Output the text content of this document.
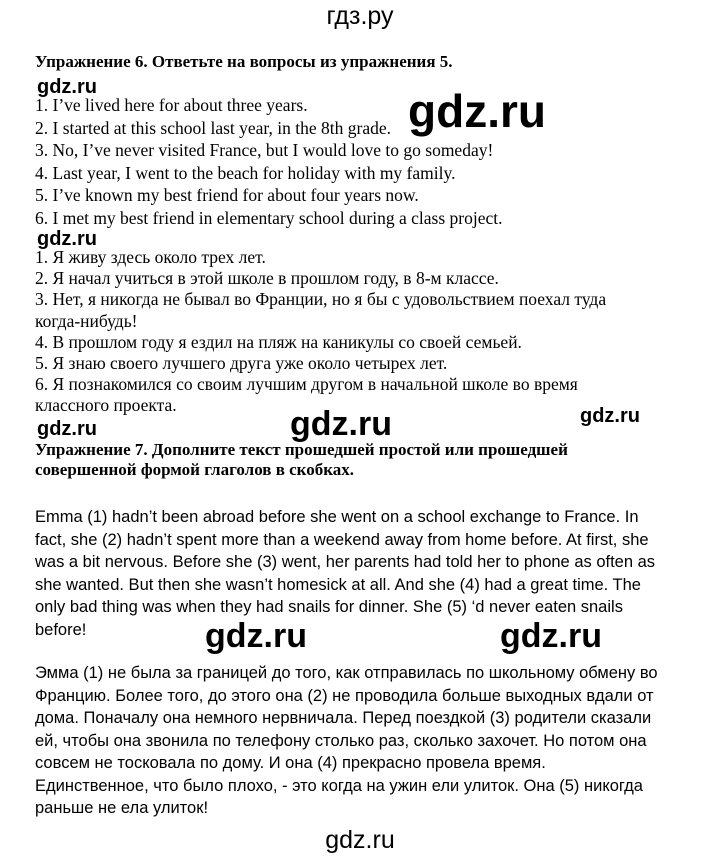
гдз.ру
Упражнение 6. Ответьте на вопросы из упражнения 5.
1. I’ve lived here for about three years.
2. I started at this school last year, in the 8th grade.
3. No, I’ve never visited France, but I would love to go someday!
4. Last year, I went to the beach for holiday with my family.
5. I’ve known my best friend for about four years now.
6. I met my best friend in elementary school during a class project.
1. Я живу здесь около трех лет.
2. Я начал учиться в этой школе в прошлом году, в 8-м классе.
3. Нет, я никогда не бывал во Франции, но я бы с удовольствием поехал туда когда-нибудь!
4. В прошлом году я ездил на пляж на каникулы со своей семьей.
5. Я знаю своего лучшего друга уже около четырех лет.
6. Я познакомился со своим лучшим другом в начальной школе во время классного проекта.
Упражнение 7. Дополните текст прошедшей простой или прошедшей совершенной формой глаголов в скобках.

Emma (1) hadn’t been abroad before she went on a school exchange to France. In fact, she (2) hadn’t spent more than a weekend away from home before. At first, she was a bit nervous. Before she (3) went, her parents had told her to phone as often as she wanted. But then she wasn’t homesick at all. And she (4) had a great time. The only bad thing was when they had snails for dinner. She (5) ‘d never eaten snails before!

Эмма (1) не была за границей до того, как отправилась по школьному обмену во Францию. Более того, до этого она (2) не проводила больше выходных вдали от дома. Поначалу она немного нервничала. Перед поездкой (3) родители сказали ей, чтобы она звонила по телефону столько раз, сколько захочет. Но потом она совсем не тосковала по дому. И она (4) прекрасно провела время. Единственное, что было плохо, - это когда на ужин ели улиток. Она (5) никогда раньше не ела улиток!

gdz.ru	gdz.ru
gdz.ru
gdz.ru
gdz.ru
gdz.ru
gdz.ru	gdz.ru
gdz.ru
